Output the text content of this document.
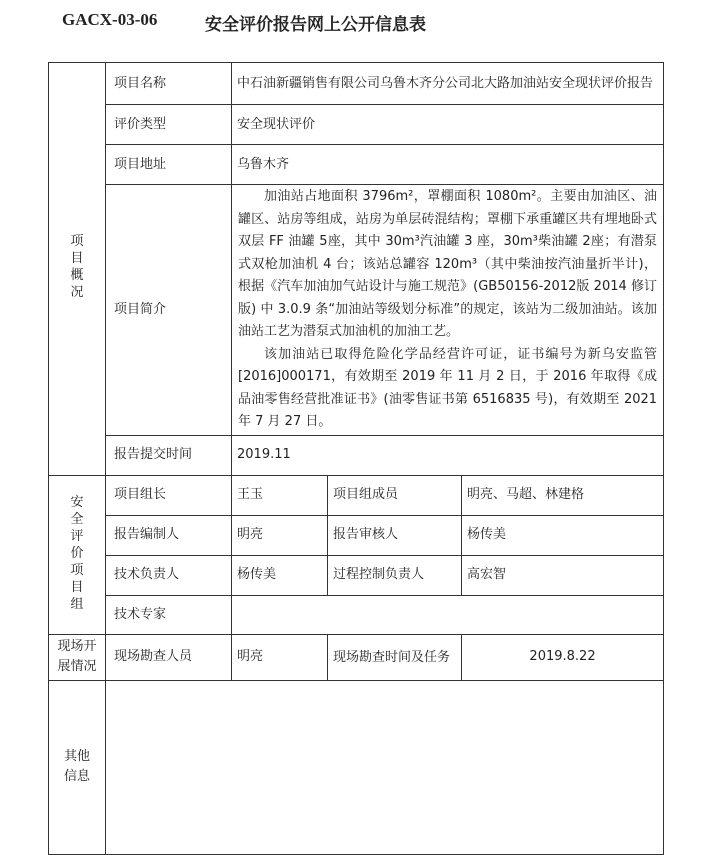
GACX-03-06	安全评价报告网上公开信息表
项目概况	项目名称	中石油新疆销售有限公司乌鲁木齐分公司北大路加油站安全现状评价报告		
	评价类型	安全现状评价		
	项目地址	乌鲁木齐		
	项目简介	加油站占地面积 3796m²，罩棚面积 1080m²。主要由加油区、油罐区、站房等组成，站房为单层砖混结构；罩棚下承重罐区共有埋地卧式双层 FF 油罐 5座，其中 30m³汽油罐 3 座，30m³柴油罐 2座；有潜泵式双枪加油机 4 台；该站总罐容 120m³（其中柴油按汽油量折半计)，根据《汽车加油加气站设计与施工规范》(GB50156-2012版 2014 修订版) 中 3.0.9 条“加油站等级划分标准”的规定，该站为二级加油站。该加油站工艺为潜泵式加油机的加油工艺。

该加油站已取得危险化学品经营许可证，证书编号为新乌安监管[2016]000171，有效期至 2019 年 11 月 2 日，于 2016 年取得《成品油零售经营批准证书》(油零售证书第 6516835 号)，有效期至 2021 年 7 月 27 日。		

	报告提交时间	2019.11		
安全评价项目组	项目组长	王玉	项目组成员	明亮、马超、林建格
	报告编制人	明亮	报告审核人	杨传美
	技术负责人	杨传美	过程控制负责人	高宏智
	技术专家			
现场开展情况	现场勘查人员	明亮	现场勘查时间及任务	2019.8.22
其他信息				
